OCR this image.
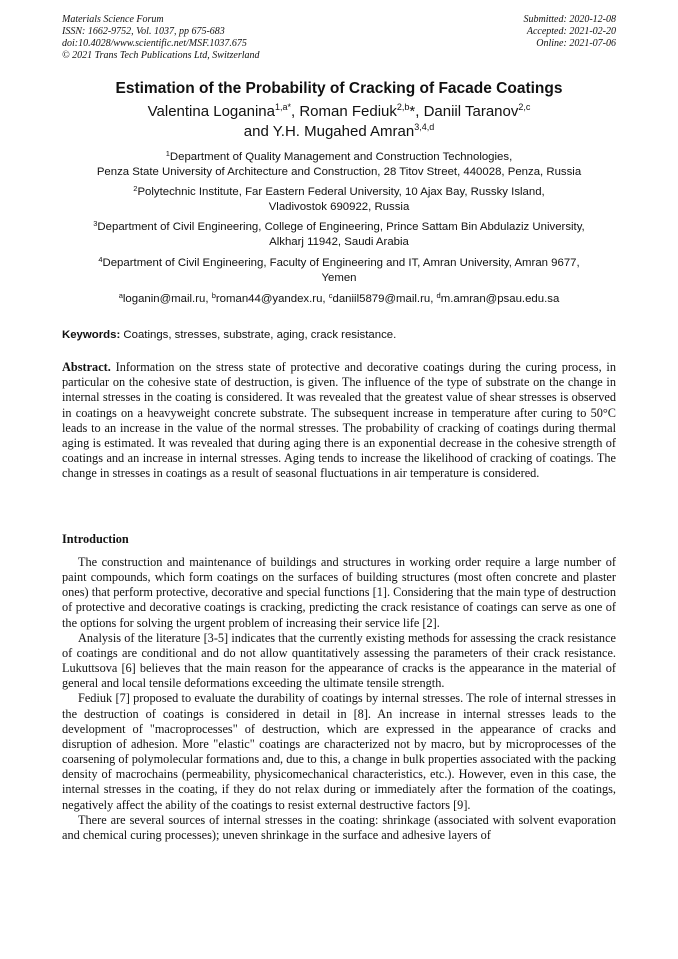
Materials Science Forum
ISSN: 1662-9752, Vol. 1037, pp 675-683
doi:10.4028/www.scientific.net/MSF.1037.675
© 2021 Trans Tech Publications Ltd, Switzerland
Submitted: 2020-12-08
Accepted: 2021-02-20
Online: 2021-07-06
Estimation of the Probability of Cracking of Facade Coatings
Valentina Loganina$^{1,a*}$, Roman Fediuk$^{2,b}$*, Daniil Taranov$^{2,c}$
and Y.H. Mugahed Amran$^{3,4,d}$
$^1$Department of Quality Management and Construction Technologies,
Penza State University of Architecture and Construction, 28 Titov Street, 440028, Penza, Russia
$^2$Polytechnic Institute, Far Eastern Federal University, 10 Ajax Bay, Russky Island,
Vladivostok 690922, Russia
$^3$Department of Civil Engineering, College of Engineering, Prince Sattam Bin Abdulaziz University,
Alkharj 11942, Saudi Arabia
$^4$Department of Civil Engineering, Faculty of Engineering and IT, Amran University, Amran 9677,
Yemen
$^a$loganin@mail.ru, $^b$roman44@yandex.ru, $^c$daniil5879@mail.ru, $^d$m.amran@psau.edu.sa
Keywords: Coatings, stresses, substrate, aging, crack resistance.
Abstract. Information on the stress state of protective and decorative coatings during the curing process, in particular on the cohesive state of destruction, is given. The influence of the type of substrate on the change in internal stresses in the coating is considered. It was revealed that the greatest value of shear stresses is observed in coatings on a heavyweight concrete substrate. The subsequent increase in temperature after curing to 50°C leads to an increase in the value of the normal stresses. The probability of cracking of coatings during thermal aging is estimated. It was revealed that during aging there is an exponential decrease in the cohesive strength of coatings and an increase in internal stresses. Aging tends to increase the likelihood of cracking of coatings. The change in stresses in coatings as a result of seasonal fluctuations in air temperature is considered.
Introduction

The construction and maintenance of buildings and structures in working order require a large number of paint compounds, which form coatings on the surfaces of building structures (most often concrete and plaster ones) that perform protective, decorative and special functions [1]. Considering that the main type of destruction of protective and decorative coatings is cracking, predicting the crack resistance of coatings can serve as one of the options for solving the urgent problem of increasing their service life [2].

Analysis of the literature [3-5] indicates that the currently existing methods for assessing the crack resistance of coatings are conditional and do not allow quantitatively assessing the parameters of their crack resistance. Lukuttsova [6] believes that the main reason for the appearance of cracks is the appearance in the material of general and local tensile deformations exceeding the ultimate tensile strength.

Fediuk [7] proposed to evaluate the durability of coatings by internal stresses. The role of internal stresses in the destruction of coatings is considered in detail in [8]. An increase in internal stresses leads to the development of "macroprocesses" of destruction, which are expressed in the appearance of cracks and disruption of adhesion. More "elastic" coatings are characterized not by macro, but by microprocesses of the coarsening of polymolecular formations and, due to this, a change in bulk properties associated with the packing density of macrochains (permeability, physicomechanical characteristics, etc.). However, even in this case, the internal stresses in the coating, if they do not relax during or immediately after the formation of the coatings, negatively affect the ability of the coatings to resist external destructive factors [9].

There are several sources of internal stresses in the coating: shrinkage (associated with solvent evaporation and chemical curing processes); uneven shrinkage in the surface and adhesive layers of
